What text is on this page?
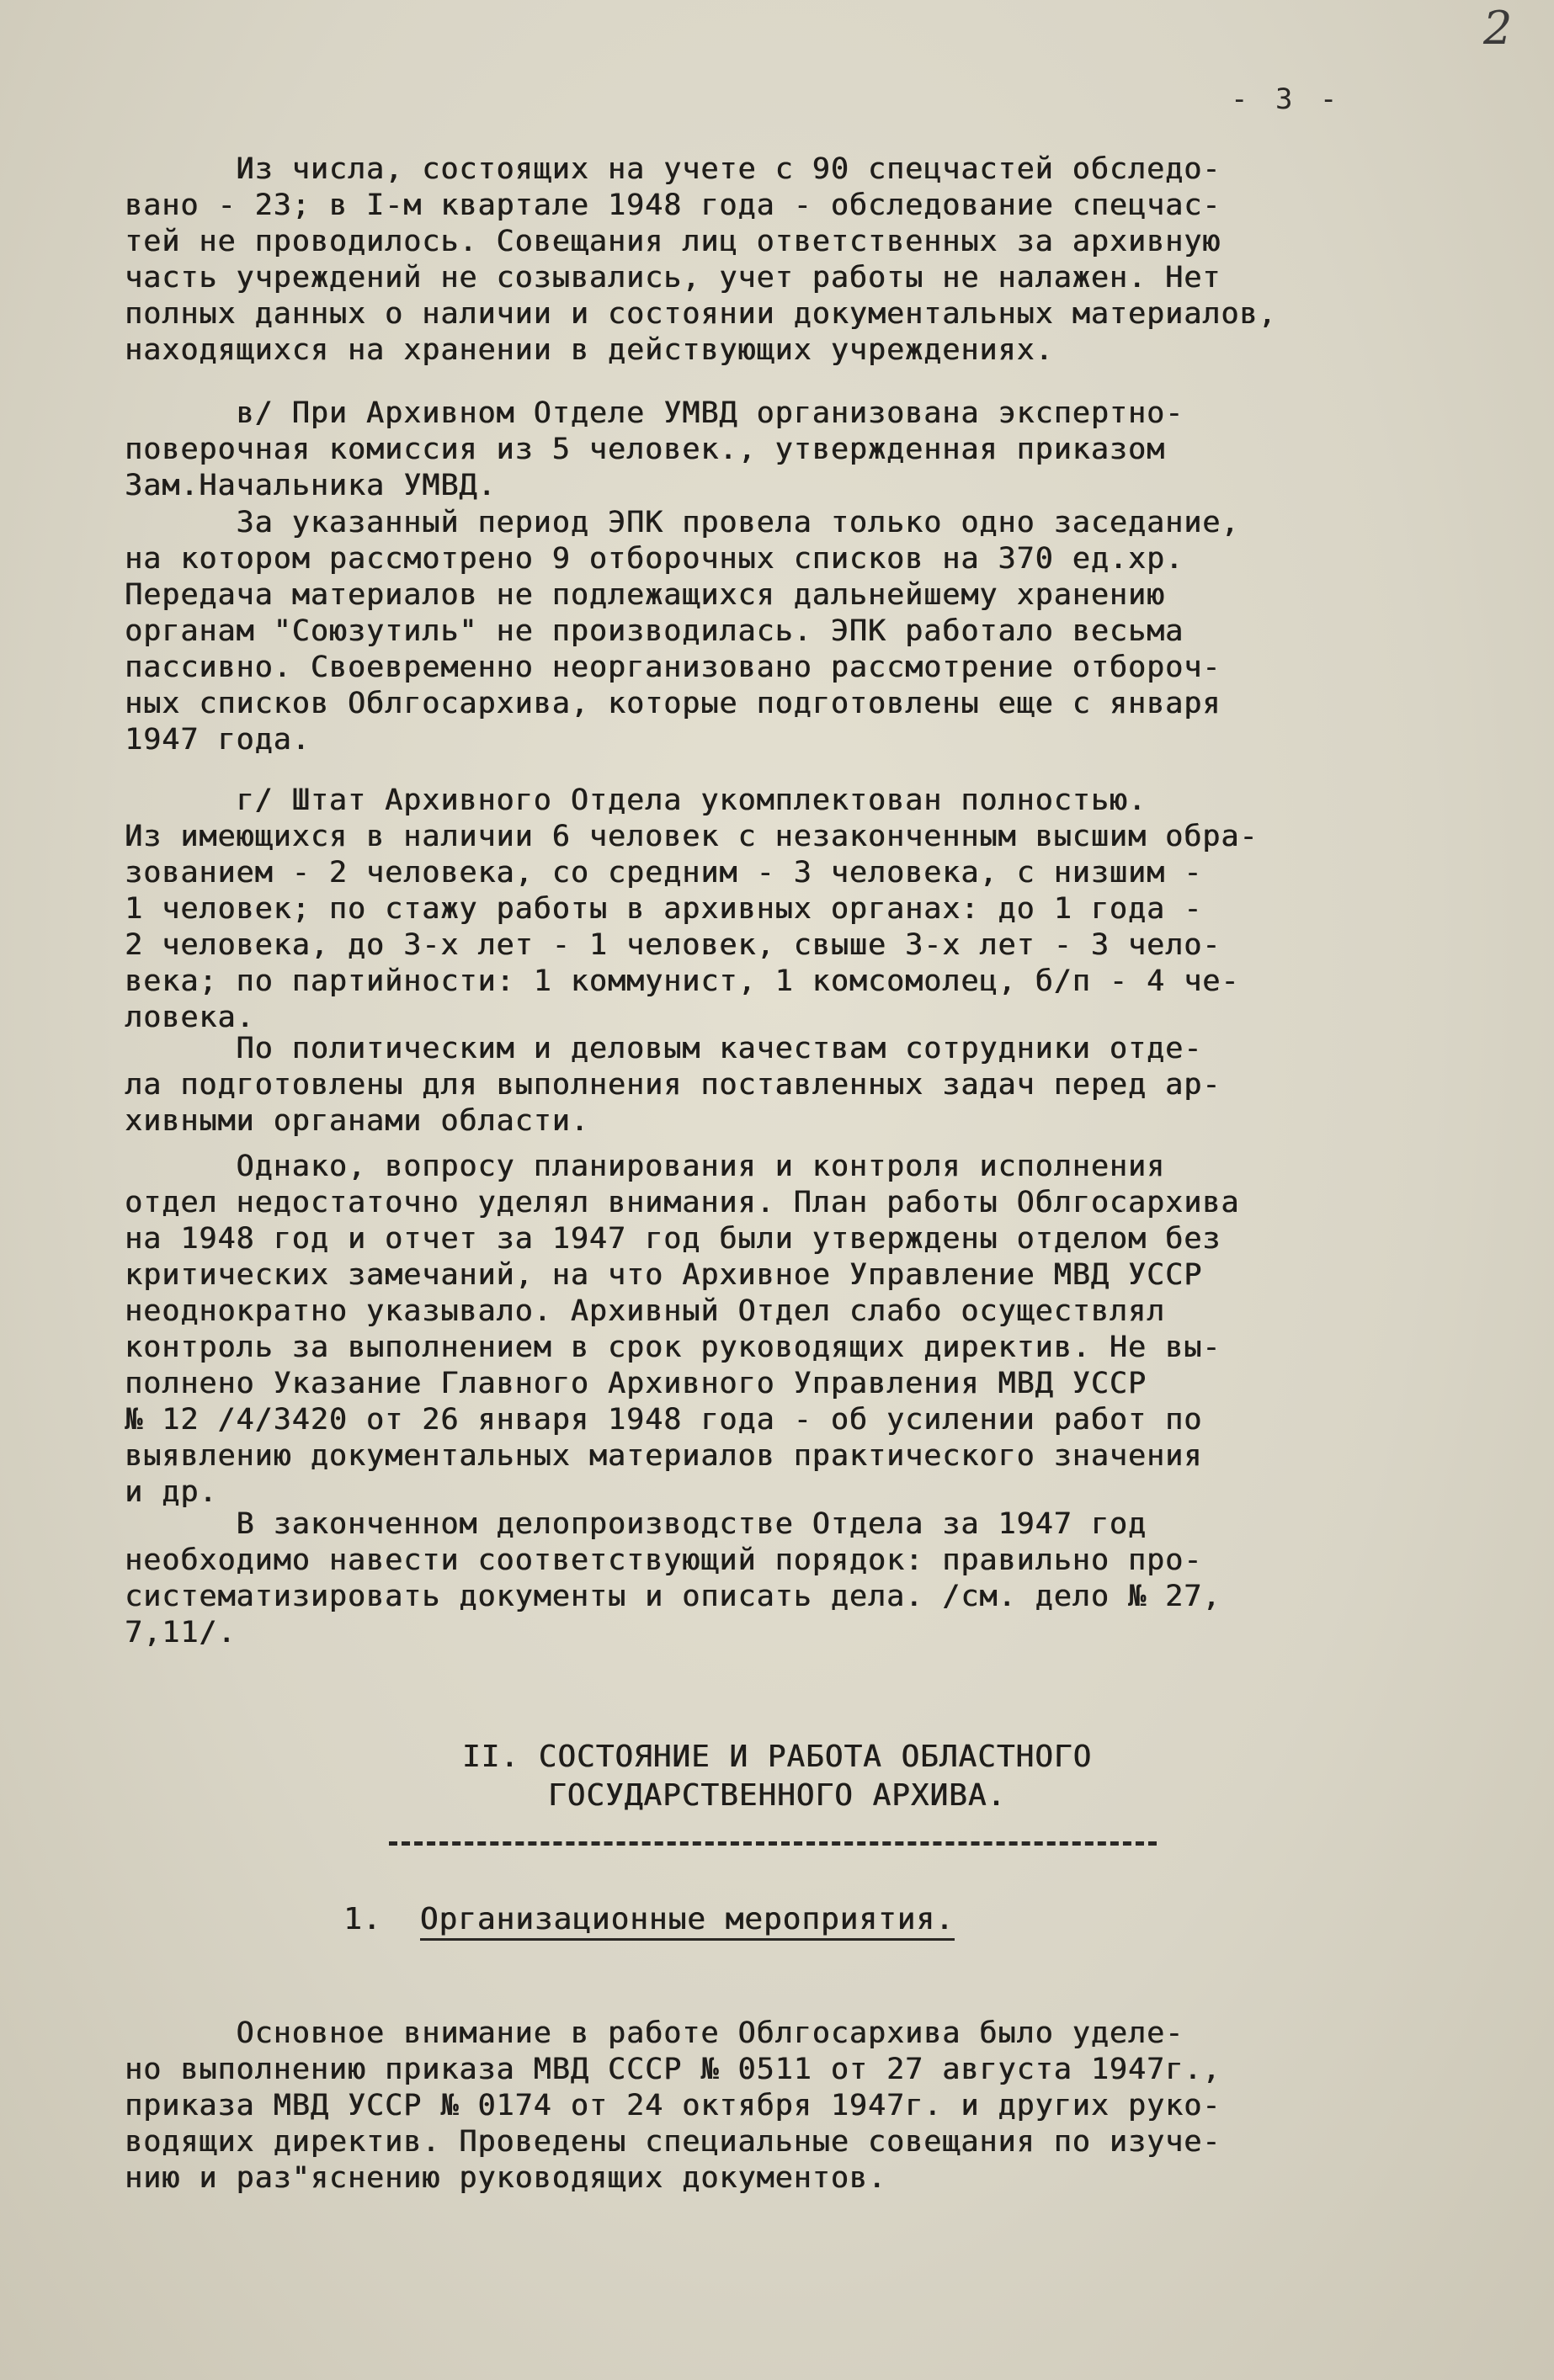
2
- 3 -
Из числа, состоящих на учете с 90 спецчастей обследо-
вано - 23; в I-м квартале 1948 года - обследование спецчас-
тей не проводилось. Совещания лиц ответственных за архивную
часть учреждений не созывались, учет работы не налажен. Нет
полных данных о наличии и состоянии документальных материалов,
находящихся на хранении в действующих учреждениях.
в/ При Архивном Отделе УМВД организована экспертно-
поверочная комиссия из 5 человек., утвержденная приказом
Зам.Начальника УМВД.
За указанный период ЭПК провела только одно заседание,
на котором рассмотрено 9 отборочных списков на 370 ед.хр.
Передача материалов не подлежащихся дальнейшему хранению
органам "Союзутиль" не производилась. ЭПК работало весьма
пассивно. Своевременно неорганизовано рассмотрение отбороч-
ных списков Облгосархива, которые подготовлены еще с января
1947 года.
г/ Штат Архивного Отдела укомплектован полностью.
Из имеющихся в наличии 6 человек с незаконченным высшим обра-
зованием - 2 человека, со средним - 3 человека, с низшим -
1 человек; по стажу работы в архивных органах: до 1 года -
2 человека, до 3-х лет - 1 человек, свыше 3-х лет - 3 чело-
века; по партийности: 1 коммунист, 1 комсомолец, б/п - 4 че-
ловека.
По политическим и деловым качествам сотрудники отде-
ла подготовлены для выполнения поставленных задач перед ар-
хивными органами области.
Однако, вопросу планирования и контроля исполнения
отдел недостаточно уделял внимания. План работы Облгосархива
на 1948 год и отчет за 1947 год были утверждены отделом без
критических замечаний, на что Архивное Управление МВД УССР
неоднократно указывало. Архивный Отдел слабо осуществлял
контроль за выполнением в срок руководящих директив. Не вы-
полнено Указание Главного Архивного Управления МВД УССР
№ 12 /4/3420 от 26 января 1948 года - об усилении работ по
выявлению документальных материалов практического значения
и др.
В законченном делопроизводстве Отдела за 1947 год
необходимо навести соответствующий порядок: правильно про-
систематизировать документы и описать дела. /см. дело № 27,
7,11/.
II. СОСТОЯНИЕ И РАБОТА ОБЛАСТНОГО
ГОСУДАРСТВЕННОГО АРХИВА.
1. Организационные мероприятия.
Основное внимание в работе Облгосархива было уделе-
но выполнению приказа МВД СССР № 0511 от 27 августа 1947г.,
приказа МВД УССР № 0174 от 24 октября 1947г. и других руко-
водящих директив. Проведены специальные совещания по изуче-
нию и раз"яснению руководящих документов.
